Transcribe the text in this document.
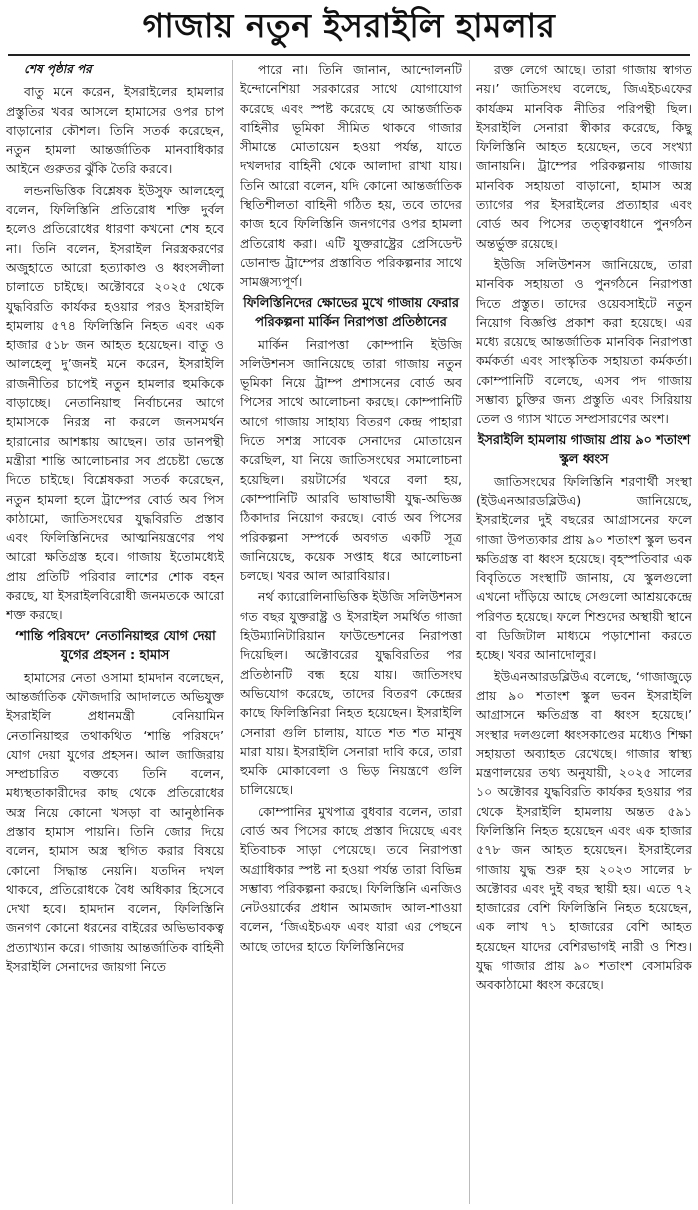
গাজায় নতুন ইসরাইলি হামলার

শেষ পৃষ্ঠার পর

বাতু মনে করেন, ইসরাইলের হামলার প্রস্তুতির খবর আসলে হামাসের ওপর চাপ বাড়ানোর কৌশল। তিনি সতর্ক করেছেন, নতুন হামলা আন্তর্জাতিক মানবাধিকার আইনে গুরুতর ঝুঁকি তৈরি করবে।

লন্ডনভিত্তিক বিশ্লেষক ইউসুফ আলহেলু বলেন, ফিলিস্তিনি প্রতিরোধ শক্তি দুর্বল হলেও প্রতিরোধের ধারণা কখনো শেষ হবে না। তিনি বলেন, ইসরাইল নিরস্ত্রকরণের অজুহাতে আরো হত্যাকাণ্ড ও ধ্বংসলীলা চালাতে চাইছে। অক্টোবরে ২০২৫ থেকে যুদ্ধবিরতি কার্যকর হওয়ার পরও ইসরাইলি হামলায় ৫৭৪ ফিলিস্তিনি নিহত এবং এক হাজার ৫১৮ জন আহত হয়েছেন। বাতু ও আলহেলু দু’জনই মনে করেন, ইসরাইলি রাজনীতির চাপেই নতুন হামলার হুমকিকে বাড়াচ্ছে। নেতানিয়াহু নির্বাচনের আগে হামাসকে নিরস্ত্র না করলে জনসমর্থন হারানোর আশঙ্কায় আছেন। তার ডানপন্থী মন্ত্রীরা শান্তি আলোচনার সব প্রচেষ্টা ভেস্তে দিতে চাইছে। বিশ্লেষকরা সতর্ক করেছেন, নতুন হামলা হলে ট্রাম্পের বোর্ড অব পিস কাঠামো, জাতিসংঘের যুদ্ধবিরতি প্রস্তাব এবং ফিলিস্তিনিদের আত্মনিয়ন্ত্রণের পথ আরো ক্ষতিগ্রস্ত হবে। গাজায় ইতোমধ্যেই প্রায় প্রতিটি পরিবার লাশের শোক বহন করছে, যা ইসরাইলবিরোধী জনমতকে আরো শক্ত করছে।

‘শান্তি পরিষদে’ নেতানিয়াহুর যোগ দেয়া যুগের প্রহসন : হামাস

হামাসের নেতা ওসামা হামদান বলেছেন, আন্তর্জাতিক ফৌজদারি আদালতে অভিযুক্ত ইসরাইলি প্রধানমন্ত্রী বেনিয়ামিন নেতানিয়াহুর তথাকথিত ‘শান্তি পরিষদে’ যোগ দেয়া যুগের প্রহসন। আল জাজিরায় সম্প্রচারিত বক্তব্যে তিনি বলেন, মধ্যস্থতাকারীদের কাছ থেকে প্রতিরোধের অস্ত্র নিয়ে কোনো খসড়া বা আনুষ্ঠানিক প্রস্তাব হামাস পায়নি। তিনি জোর দিয়ে বলেন, হামাস অস্ত্র স্থগিত করার বিষয়ে কোনো সিদ্ধান্ত নেয়নি। যতদিন দখল থাকবে, প্রতিরোধকে বৈধ অধিকার হিসেবে দেখা হবে। হামদান বলেন, ফিলিস্তিনি জনগণ কোনো ধরনের বাইরের অভিভাবকত্ব প্রত্যাখ্যান করে। গাজায় আন্তর্জাতিক বাহিনী ইসরাইলি সেনাদের জায়গা নিতে

পারে না। তিনি জানান, আন্দোলনটি ইন্দোনেশিয়া সরকারের সাথে যোগাযোগ করেছে এবং স্পষ্ট করেছে যে আন্তর্জাতিক বাহিনীর ভূমিকা সীমিত থাকবে গাজার সীমান্তে মোতায়েন হওয়া পর্যন্ত, যাতে দখলদার বাহিনী থেকে আলাদা রাখা যায়। তিনি আরো বলেন, যদি কোনো আন্তর্জাতিক স্থিতিশীলতা বাহিনী গঠিত হয়, তবে তাদের কাজ হবে ফিলিস্তিনি জনগণের ওপর হামলা প্রতিরোধ করা। এটি যুক্তরাষ্ট্রের প্রেসিডেন্ট ডোনাল্ড ট্রাম্পের প্রস্তাবিত পরিকল্পনার সাথে সামঞ্জস্যপূর্ণ।

ফিলিস্তিনিদের ক্ষোভের মুখে গাজায় ফেরার পরিকল্পনা মার্কিন নিরাপত্তা প্রতিষ্ঠানের

মার্কিন নিরাপত্তা কোম্পানি ইউজি সলিউশনস জানিয়েছে তারা গাজায় নতুন ভূমিকা নিয়ে ট্রাম্প প্রশাসনের বোর্ড অব পিসের সাথে আলোচনা করছে। কোম্পানিটি আগে গাজায় সাহায্য বিতরণ কেন্দ্র পাহারা দিতে সশস্ত্র সাবেক সেনাদের মোতায়েন করেছিল, যা নিয়ে জাতিসংঘের সমালোচনা হয়েছিল। রয়টার্সের খবরে বলা হয়, কোম্পানিটি আরবি ভাষাভাষী যুদ্ধ-অভিজ্ঞ ঠিকাদার নিয়োগ করছে। বোর্ড অব পিসের পরিকল্পনা সম্পর্কে অবগত একটি সূত্র জানিয়েছে, কয়েক সপ্তাহ ধরে আলোচনা চলছে। খবর আল আরাবিয়ার।

নর্থ ক্যারোলিনাভিত্তিক ইউজি সলিউশনস গত বছর যুক্তরাষ্ট্র ও ইসরাইল সমর্থিত গাজা হিউম্যানিটারিয়ান ফাউন্ডেশনের নিরাপত্তা দিয়েছিল। অক্টোবরের যুদ্ধবিরতির পর প্রতিষ্ঠানটি বন্ধ হয়ে যায়। জাতিসংঘ অভিযোগ করেছে, তাদের বিতরণ কেন্দ্রের কাছে ফিলিস্তিনিরা নিহত হয়েছেন। ইসরাইলি সেনারা গুলি চালায়, যাতে শত শত মানুষ মারা যায়। ইসরাইলি সেনারা দাবি করে, তারা হুমকি মোকাবেলা ও ভিড় নিয়ন্ত্রণে গুলি চালিয়েছে।

কোম্পানির মুখপাত্র বুধবার বলেন, তারা বোর্ড অব পিসের কাছে প্রস্তাব দিয়েছে এবং ইতিবাচক সাড়া পেয়েছে। তবে নিরাপত্তা অগ্রাধিকার স্পষ্ট না হওয়া পর্যন্ত তারা বিভিন্ন সম্ভাব্য পরিকল্পনা করছে। ফিলিস্তিনি এনজিও নেটওয়ার্কের প্রধান আমজাদ আল-শাওয়া বলেন, ‘জিএইচএফ এবং যারা এর পেছনে আছে তাদের হাতে ফিলিস্তিনিদের

রক্ত লেগে আছে। তারা গাজায় স্বাগত নয়।’ জাতিসংঘ বলেছে, জিএইচএফের কার্যক্রম মানবিক নীতির পরিপন্থী ছিল। ইসরাইলি সেনারা স্বীকার করেছে, কিছু ফিলিস্তিনি আহত হয়েছেন, তবে সংখ্যা জানায়নি। ট্রাম্পের পরিকল্পনায় গাজায় মানবিক সহায়তা বাড়ানো, হামাস অস্ত্র ত্যাগের পর ইসরাইলের প্রত্যাহার এবং বোর্ড অব পিসের তত্ত্বাবধানে পুনর্গঠন অন্তর্ভুক্ত রয়েছে।

ইউজি সলিউশনস জানিয়েছে, তারা মানবিক সহায়তা ও পুনর্গঠনে নিরাপত্তা দিতে প্রস্তুত। তাদের ওয়েবসাইটে নতুন নিয়োগ বিজ্ঞপ্তি প্রকাশ করা হয়েছে। এর মধ্যে রয়েছে আন্তর্জাতিক মানবিক নিরাপত্তা কর্মকর্তা এবং সাংস্কৃতিক সহায়তা কর্মকর্তা। কোম্পানিটি বলেছে, এসব পদ গাজায় সম্ভাব্য চুক্তির জন্য প্রস্তুতি এবং সিরিয়ায় তেল ও গ্যাস খাতে সম্প্রসারণের অংশ।

ইসরাইলি হামলায় গাজায় প্রায় ৯০ শতাংশ স্কুল ধ্বংস

জাতিসংঘের ফিলিস্তিনি শরণার্থী সংস্থা (ইউএনআরডব্লিউএ) জানিয়েছে, ইসরাইলের দুই বছরের আগ্রাসনের ফলে গাজা উপত্যকার প্রায় ৯০ শতাংশ স্কুল ভবন ক্ষতিগ্রস্ত বা ধ্বংস হয়েছে। বৃহস্পতিবার এক বিবৃতিতে সংস্থাটি জানায়, যে স্কুলগুলো এখনো দাঁড়িয়ে আছে সেগুলো আশ্রয়কেন্দ্রে পরিণত হয়েছে। ফলে শিশুদের অস্থায়ী স্থানে বা ডিজিটাল মাধ্যমে পড়াশোনা করতে হচ্ছে। খবর আনাদোলুর।

ইউএনআরডব্লিউএ বলেছে, ‘গাজাজুড়ে প্রায় ৯০ শতাংশ স্কুল ভবন ইসরাইলি আগ্রাসনে ক্ষতিগ্রস্ত বা ধ্বংস হয়েছে।’ সংস্থার দলগুলো ধ্বংসকাণ্ডের মধ্যেও শিক্ষা সহায়তা অব্যাহত রেখেছে। গাজার স্বাস্থ্য মন্ত্রণালয়ের তথ্য অনুযায়ী, ২০২৫ সালের ১০ অক্টোবর যুদ্ধবিরতি কার্যকর হওয়ার পর থেকে ইসরাইলি হামলায় অন্তত ৫৯১ ফিলিস্তিনি নিহত হয়েছেন এবং এক হাজার ৫৭৮ জন আহত হয়েছেন। ইসরাইলের গাজায় যুদ্ধ শুরু হয় ২০২৩ সালের ৮ অক্টোবর এবং দুই বছর স্থায়ী হয়। এতে ৭২ হাজারের বেশি ফিলিস্তিনি নিহত হয়েছেন, এক লাখ ৭১ হাজারের বেশি আহত হয়েছেন যাদের বেশিরভাগই নারী ও শিশু। যুদ্ধ গাজার প্রায় ৯০ শতাংশ বেসামরিক অবকাঠামো ধ্বংস করেছে।
